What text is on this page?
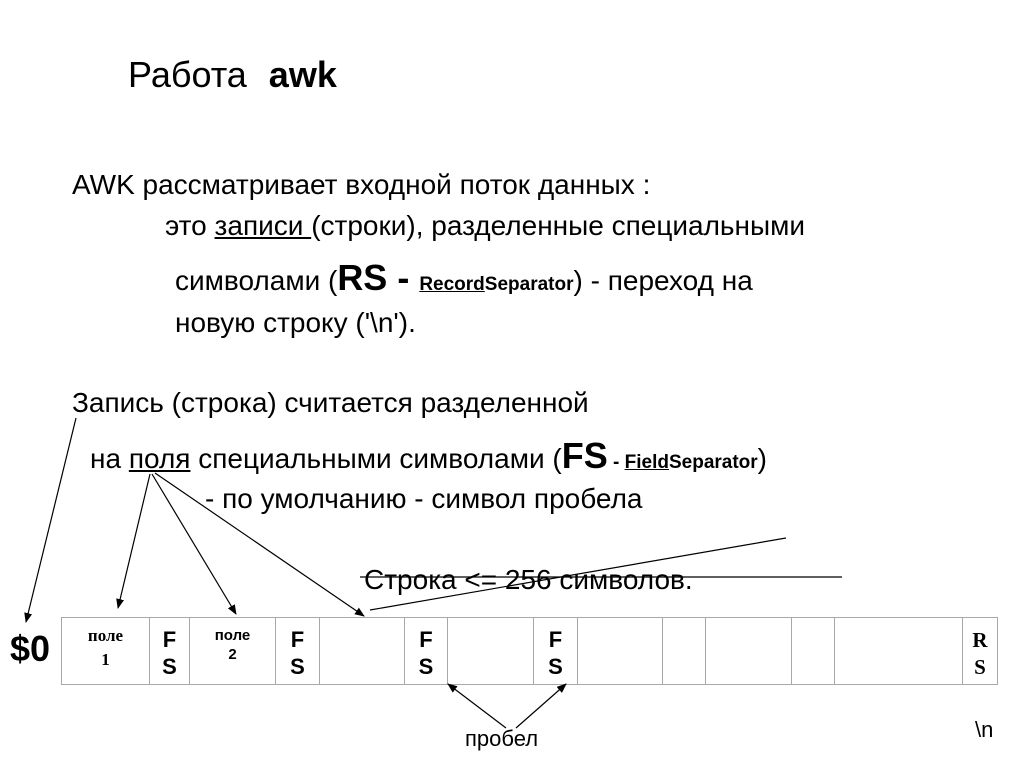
Работа awk
AWK рассматривает входной поток данных :
это записи (строки), разделенные специальными
символами (RS - RecordSeparator) - переход на
новую строку ('\n').
Запись (строка) считается разделенной
на поля специальными символами (FS - FieldSeparator)
- по умолчанию - символ пробела
Строка <= 256 символов.
$0	поле
1
F
S
поле
2
F
S
F
S
F
S
R
S
пробел	\n
